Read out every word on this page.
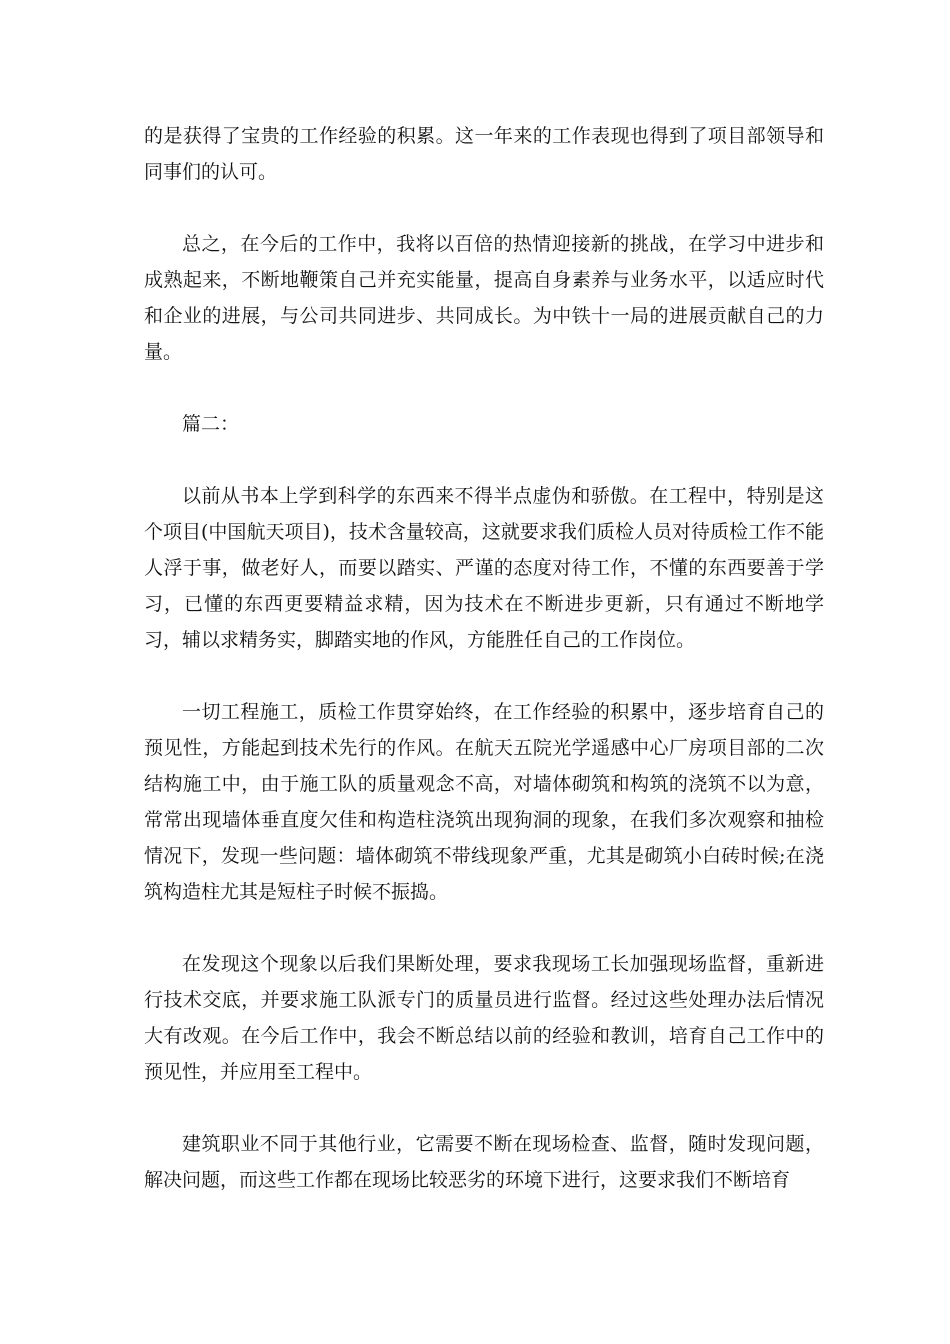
的是获得了宝贵的工作经验的积累。这一年来的工作表现也得到了项目部领导和同事们的认可。

总之，在今后的工作中，我将以百倍的热情迎接新的挑战，在学习中进步和成熟起来，不断地鞭策自己并充实能量，提高自身素养与业务水平，以适应时代和企业的进展，与公司共同进步、共同成长。为中铁十一局的进展贡献自己的力量。

篇二：

以前从书本上学到科学的东西来不得半点虚伪和骄傲。在工程中，特别是这个项目(中国航天项目)，技术含量较高，这就要求我们质检人员对待质检工作不能人浮于事，做老好人，而要以踏实、严谨的态度对待工作，不懂的东西要善于学习，已懂的东西更要精益求精，因为技术在不断进步更新，只有通过不断地学习，辅以求精务实，脚踏实地的作风，方能胜任自己的工作岗位。

一切工程施工，质检工作贯穿始终，在工作经验的积累中，逐步培育自己的预见性，方能起到技术先行的作风。在航天五院光学遥感中心厂房项目部的二次结构施工中，由于施工队的质量观念不高，对墙体砌筑和构筑的浇筑不以为意，常常出现墙体垂直度欠佳和构造柱浇筑出现狗洞的现象，在我们多次观察和抽检情况下，发现一些问题：墙体砌筑不带线现象严重，尤其是砌筑小白砖时候;在浇筑构造柱尤其是短柱子时候不振捣。

在发现这个现象以后我们果断处理，要求我现场工长加强现场监督，重新进行技术交底，并要求施工队派专门的质量员进行监督。经过这些处理办法后情况大有改观。在今后工作中，我会不断总结以前的经验和教训，培育自己工作中的预见性，并应用至工程中。

建筑职业不同于其他行业，它需要不断在现场检查、监督，随时发现问题，解决问题，而这些工作都在现场比较恶劣的环境下进行，这要求我们不断培育
